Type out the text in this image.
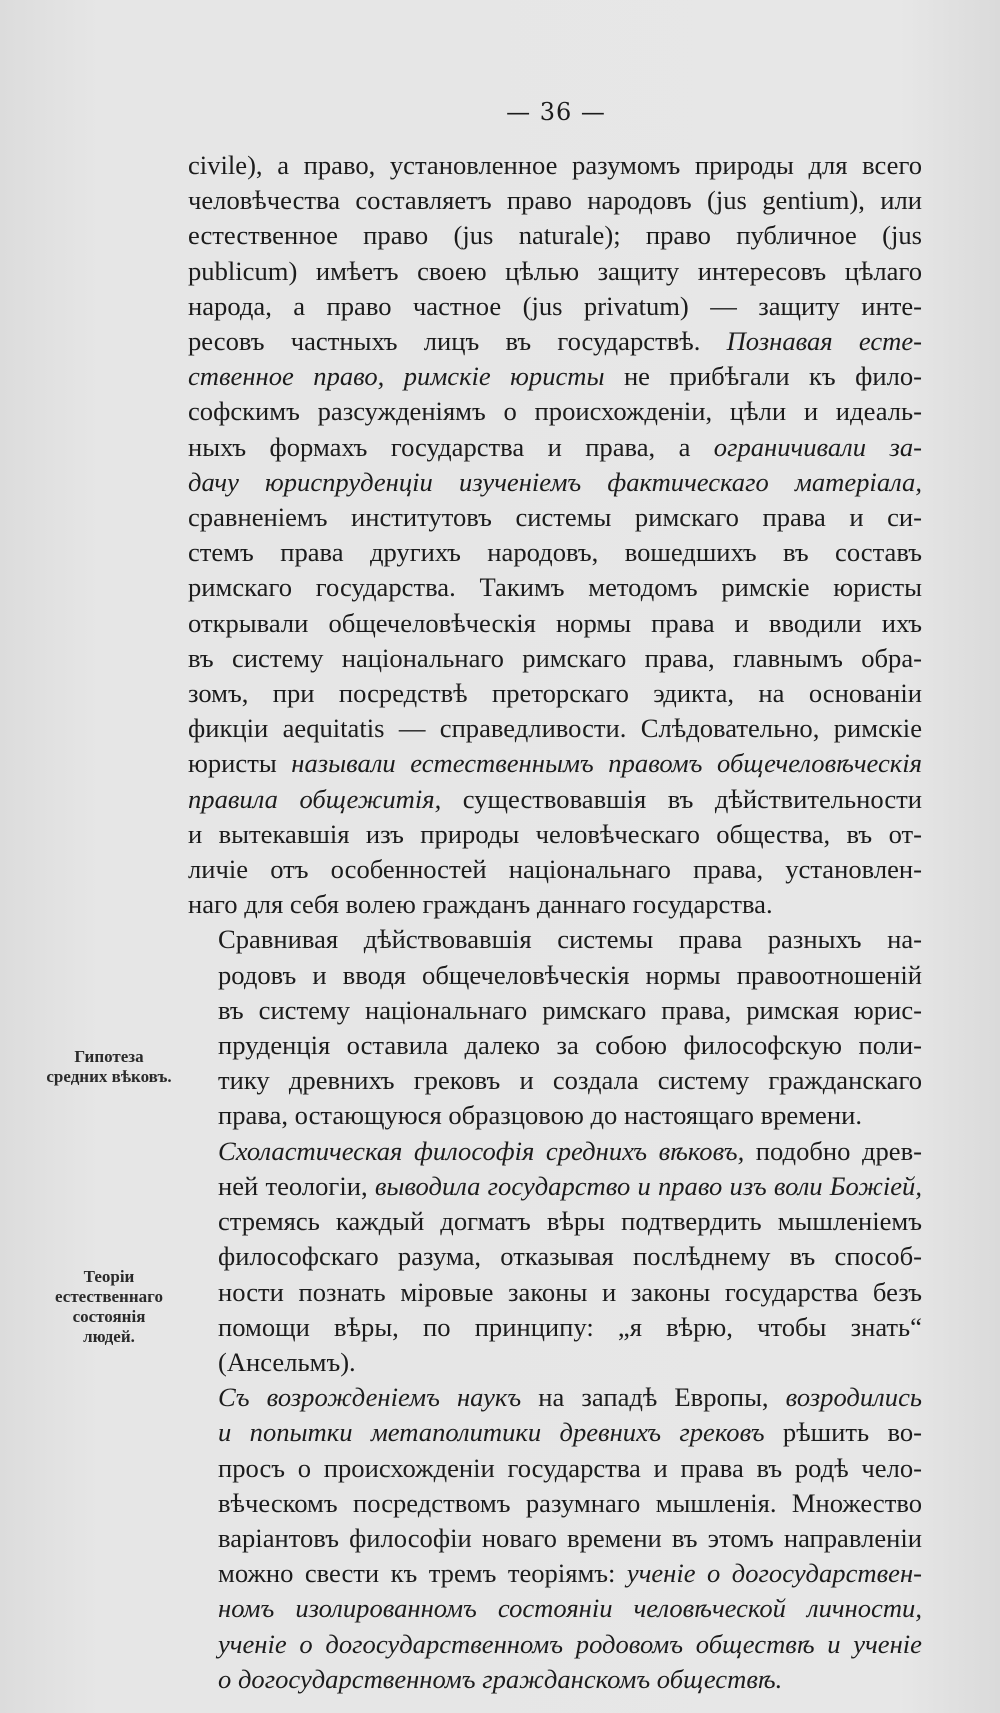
— 36 —
Гипотеза средних вѣковъ.
Теорiи естественнаго состоянія людей.

civile), а право, установленное разумомъ природы для всего
человѣчества составляетъ право народовъ (jus gentium), или
естественное право (jus naturale); право публичное (jus
publicum) имѣетъ своею цѣлью защиту интересовъ цѣлаго
народа, а право частное (jus privatum) — защиту инте-
ресовъ частныхъ лицъ въ государствѣ. Познавая есте-
ственное право, римскіе юристы не прибѣгали къ фило-
софскимъ разсужденіямъ о происхожденіи, цѣли и идеаль-
ныхъ формахъ государства и права, а ограничивали за-
дачу юриспруденціи изученіемъ фактическаго матеріала,
сравненіемъ институтовъ системы римскаго права и си-
стемъ права другихъ народовъ, вошедшихъ въ составъ
римскаго государства. Такимъ методомъ римскіе юристы
открывали общечеловѣческія нормы права и вводили ихъ
въ систему національнаго римскаго права, главнымъ обра-
зомъ, при посредствѣ преторскаго эдикта, на основаніи
фикціи aequitatis — справедливости. Слѣдовательно, римскіе
юристы называли естественнымъ правомъ общечеловѣческія
правила общежитія, существовавшія въ дѣйствительности
и вытекавшія изъ природы человѣческаго общества, въ от-
личіе отъ особенностей національнаго права, установлен-
наго для себя волею гражданъ даннаго государства.

Сравнивая дѣйствовавшія системы права разныхъ на-
родовъ и вводя общечеловѣческія нормы правоотношеній
въ систему національнаго римскаго права, римская юрис-
пруденція оставила далеко за собою философскую поли-
тику древнихъ грековъ и создала систему гражданскаго
права, остающуюся образцовою до настоящаго времени.

Схоластическая философія среднихъ вѣковъ, подобно древ-
ней теологіи, выводила государство и право изъ воли Божіей,
стремясь каждый догматъ вѣры подтвердить мышленіемъ
философскаго разума, отказывая послѣднему въ способ-
ности познать міровые законы и законы государства безъ
помощи вѣры, по принципу: „я вѣрю, чтобы знать“
(Ансельмъ).

Съ возрожденіемъ наукъ на западѣ Европы, возродились
и попытки метаполитики древнихъ грековъ рѣшить во-
просъ о происхожденіи государства и права въ родѣ чело-
вѣческомъ посредствомъ разумнаго мышленія. Множество
варіантовъ философіи новаго времени въ этомъ направленіи
можно свести къ тремъ теоріямъ: ученіе о догосударствен-
номъ изолированномъ состояніи человѣческой личности,
ученіе о догосударственномъ родовомъ обществѣ и ученіе
о догосударственномъ гражданскомъ обществѣ.
